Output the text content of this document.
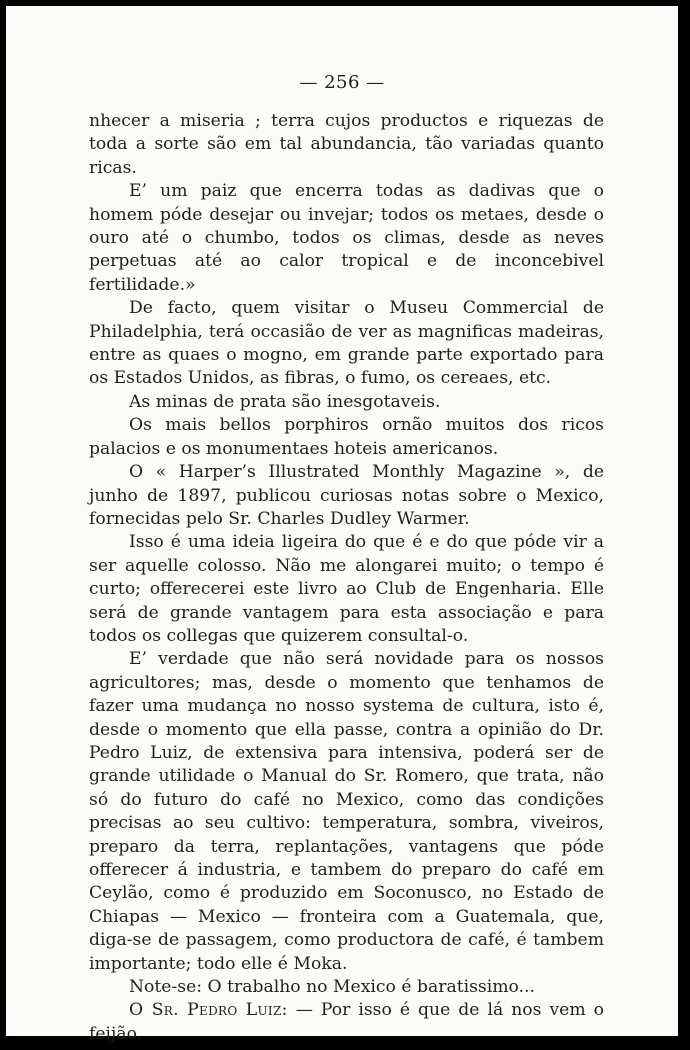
— 256 —

nhecer a miseria ; terra cujos productos e riquezas de toda a sorte são em tal abundancia, tão variadas quanto ricas.

E’ um paiz que encerra todas as dadivas que o homem póde desejar ou invejar; todos os metaes, desde o ouro até o chumbo, todos os climas, desde as neves perpetuas até ao calor tropical e de inconcebivel fertilidade.»

De facto, quem visitar o Museu Commercial de Philadelphia, terá occasião de ver as magnificas madeiras, entre as quaes o mogno, em grande parte exportado para os Estados Unidos, as fibras, o fumo, os cereaes, etc.

As minas de prata são inesgotaveis.

Os mais bellos porphiros ornão muitos dos ricos palacios e os monumentaes hoteis americanos.

O « Harper’s Illustrated Monthly Magazine », de junho de 1897, publicou curiosas notas sobre o Mexico, fornecidas pelo Sr. Charles Dudley Warmer.

Isso é uma ideia ligeira do que é e do que póde vir a ser aquelle colosso. Não me alongarei muito; o tempo é curto; offerecerei este livro ao Club de Engenharia. Elle será de grande vantagem para esta associação e para todos os collegas que quizerem consultal-o.

E’ verdade que não será novidade para os nossos agricultores; mas, desde o momento que tenhamos de fazer uma mudança no nosso systema de cultura, isto é, desde o momento que ella passe, contra a opinião do Dr. Pedro Luiz, de extensiva para intensiva, poderá ser de grande utilidade o Manual do Sr. Romero, que trata, não só do futuro do café no Mexico, como das condições precisas ao seu cultivo: temperatura, sombra, viveiros, preparo da terra, replantações, vantagens que póde offerecer á industria, e tambem do preparo do café em Ceylão, como é produzido em Soconusco, no Estado de Chiapas — Mexico — fronteira com a Guatemala, que, diga-se de passagem, como productora de café, é tambem importante; todo elle é Moka.

Note-se: O trabalho no Mexico é baratissimo...

O Sr. Pedro Luiz: — Por isso é que de lá nos vem o feijão.
